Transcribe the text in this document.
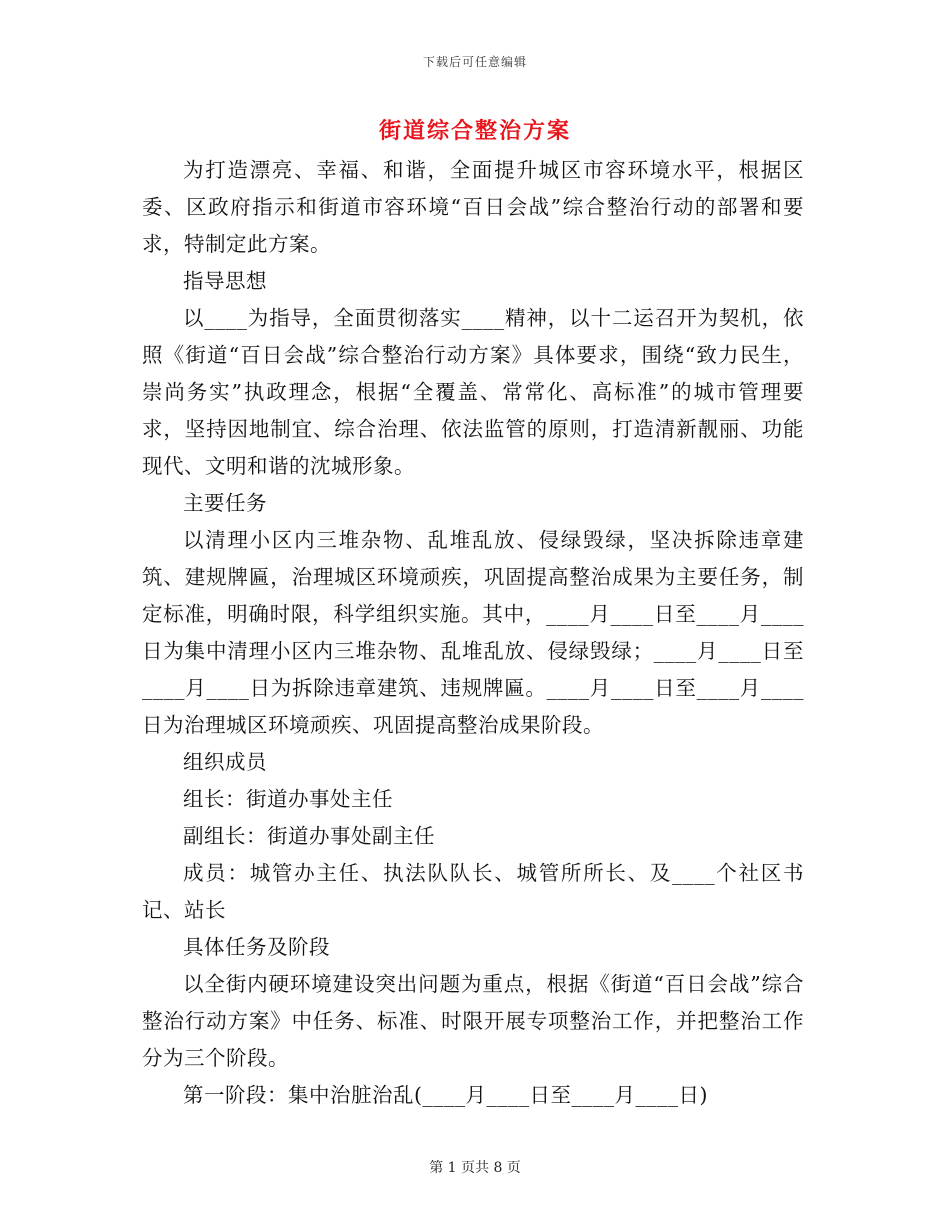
下载后可任意编辑
街道综合整治方案

为打造漂亮、幸福、和谐，全面提升城区市容环境水平，根据区委、区政府指示和街道市容环境“百日会战”综合整治行动的部署和要求，特制定此方案。

指导思想

以____为指导，全面贯彻落实____精神，以十二运召开为契机，依照《街道“百日会战”综合整治行动方案》具体要求，围绕“致力民生，崇尚务实”执政理念，根据“全覆盖、常常化、高标准”的城市管理要求，坚持因地制宜、综合治理、依法监管的原则，打造清新靓丽、功能现代、文明和谐的沈城形象。

主要任务

以清理小区内三堆杂物、乱堆乱放、侵绿毁绿，坚决拆除违章建筑、建规牌匾，治理城区环境顽疾，巩固提高整治成果为主要任务，制定标准，明确时限，科学组织实施。其中，____月____日至____月____日为集中清理小区内三堆杂物、乱堆乱放、侵绿毁绿；____月____日至____月____日为拆除违章建筑、违规牌匾。____月____日至____月____日为治理城区环境顽疾、巩固提高整治成果阶段。

组织成员

组长：街道办事处主任

副组长：街道办事处副主任

成员：城管办主任、执法队队长、城管所所长、及____个社区书记、站长

具体任务及阶段

以全街内硬环境建设突出问题为重点，根据《街道“百日会战”综合整治行动方案》中任务、标准、时限开展专项整治工作，并把整治工作分为三个阶段。

第一阶段：集中治脏治乱(____月____日至____月____日)

第 1 页共 8 页
